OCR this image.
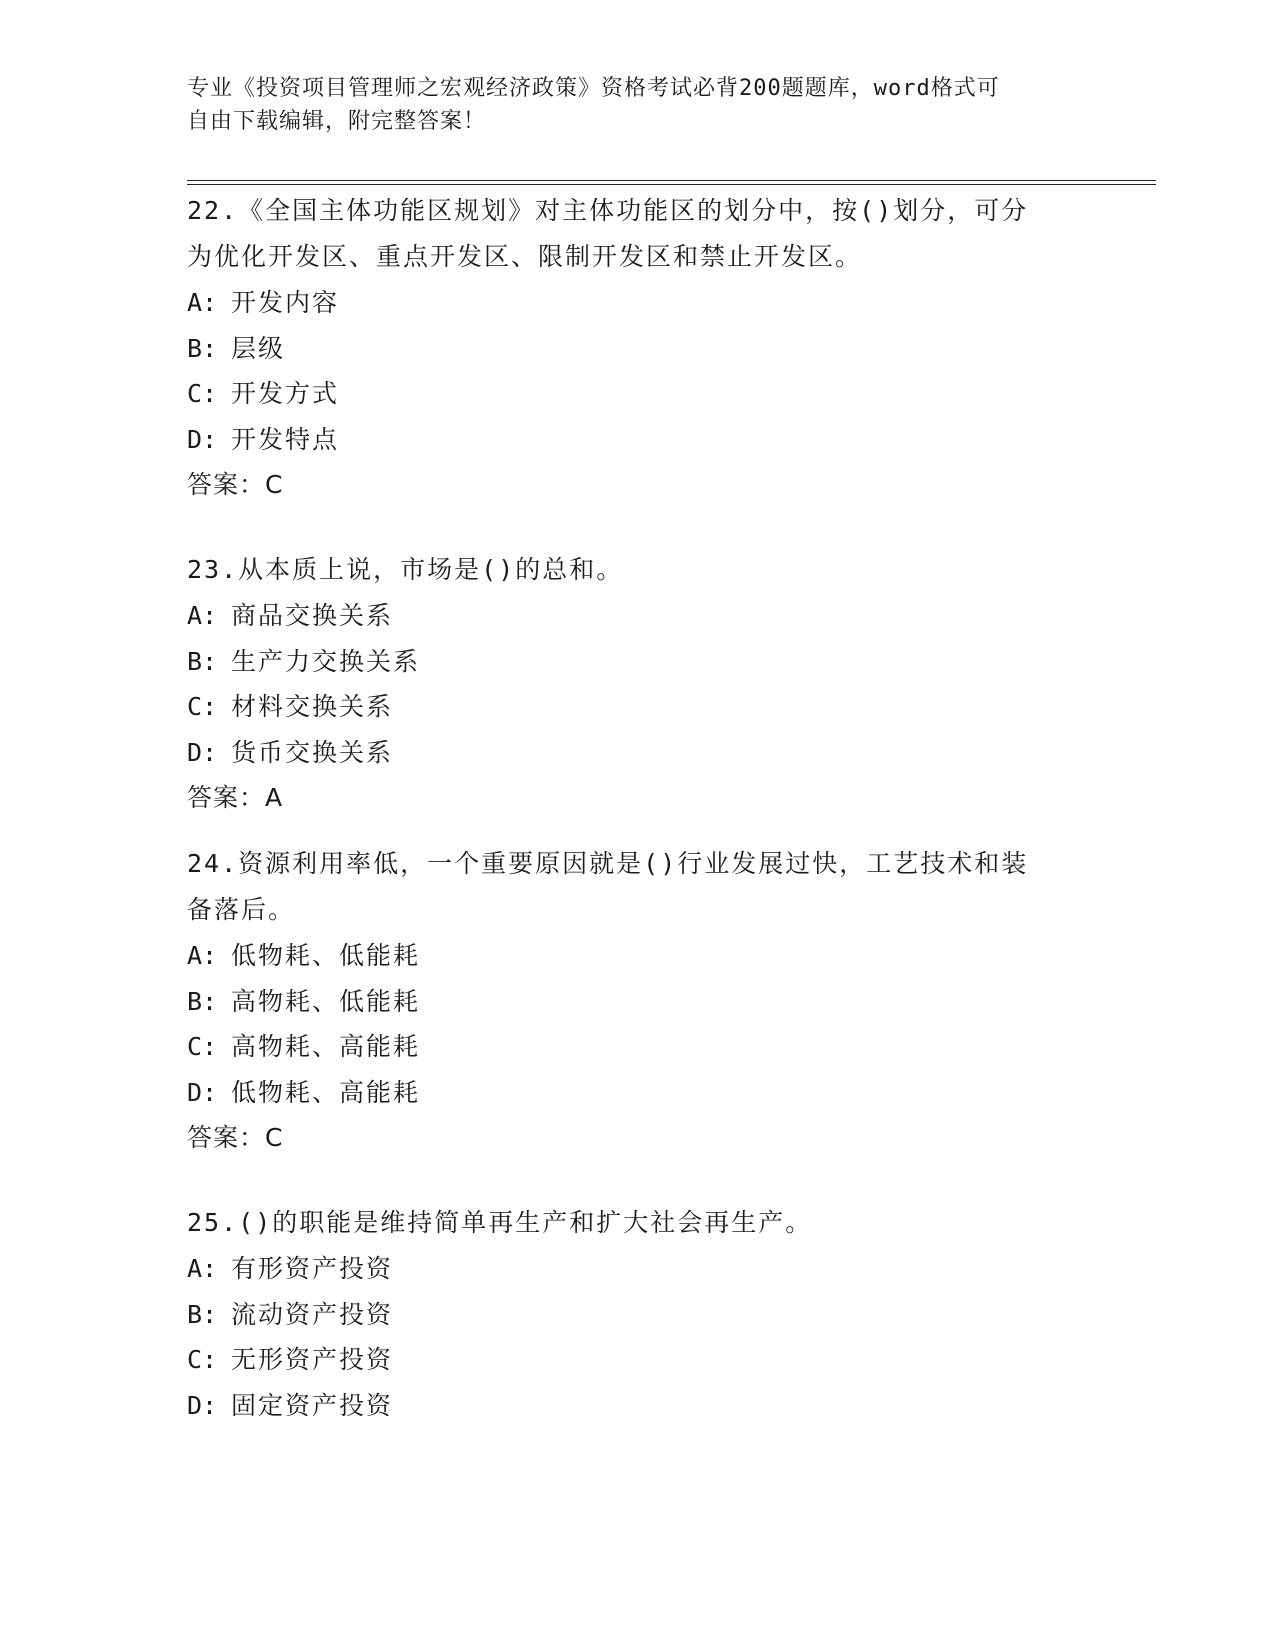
专业《投资项目管理师之宏观经济政策》资格考试必背200题题库，word格式可
自由下载编辑，附完整答案！

22.《全国主体功能区规划》对主体功能区的划分中，按()划分，可分

为优化开发区、重点开发区、限制开发区和禁止开发区。

A: 开发内容

B: 层级

C: 开发方式

D: 开发特点

答案：C

23.从本质上说，市场是()的总和。

A: 商品交换关系

B: 生产力交换关系

C: 材料交换关系

D: 货币交换关系

答案：A

24.资源利用率低，一个重要原因就是()行业发展过快，工艺技术和装

备落后。

A: 低物耗、低能耗

B: 高物耗、低能耗

C: 高物耗、高能耗

D: 低物耗、高能耗

答案：C

25.()的职能是维持简单再生产和扩大社会再生产。

A: 有形资产投资

B: 流动资产投资

C: 无形资产投资

D: 固定资产投资
